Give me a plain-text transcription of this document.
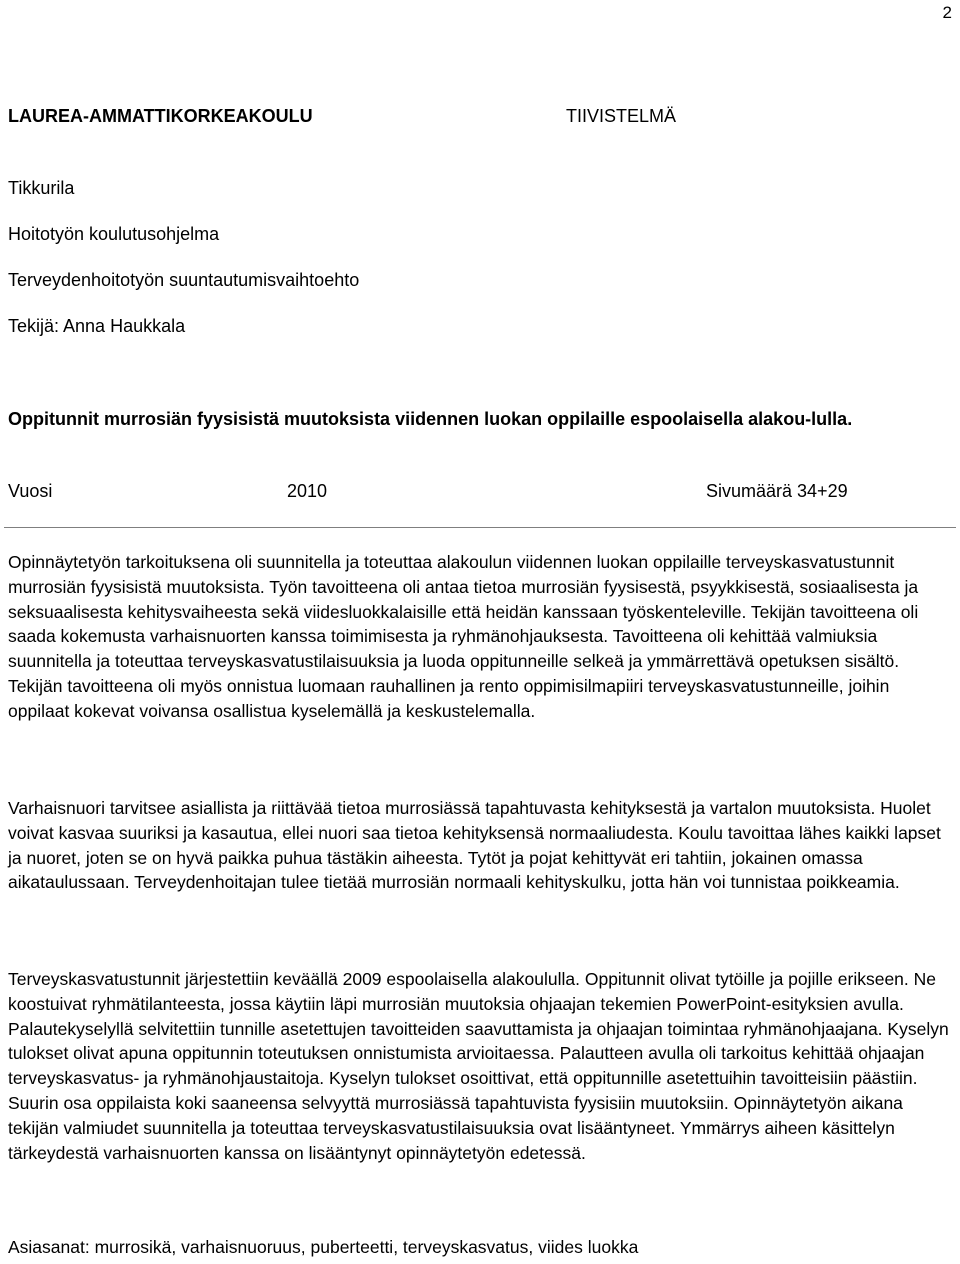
2
LAUREA-AMMATTIKORKEAKOULU	TIIVISTELMÄ
Tikkurila
Hoitotyön koulutusohjelma
Terveydenhoitotyön suuntautumisvaihtoehto
Tekijä: Anna Haukkala
Oppitunnit murrosiän fyysisistä muutoksista viidennen luokan oppilaille espoolaisella alakou-lulla.
Vuosi	2010	Sivumäärä 34+29

Opinnäytetyön tarkoituksena oli suunnitella ja toteuttaa alakoulun viidennen luokan oppilaille terveyskasvatustunnit murrosiän fyysisistä muutoksista. Työn tavoitteena oli antaa tietoa murrosiän fyysisestä, psyykkisestä, sosiaalisesta ja seksuaalisesta kehitysvaiheesta sekä viidesluokkalaisille että heidän kanssaan työskenteleville. Tekijän tavoitteena oli saada kokemusta varhaisnuorten kanssa toimimisesta ja ryhmänohjauksesta. Tavoitteena oli kehittää valmiuksia suunnitella ja toteuttaa terveyskasvatustilaisuuksia ja luoda oppitunneille selkeä ja ymmärrettävä opetuksen sisältö. Tekijän tavoitteena oli myös onnistua luomaan rauhallinen ja rento oppimisilmapiiri terveyskasvatustunneille, joihin oppilaat kokevat voivansa osallistua kyselemällä ja keskustelemalla.

Varhaisnuori tarvitsee asiallista ja riittävää tietoa murrosiässä tapahtuvasta kehityksestä ja vartalon muutoksista. Huolet voivat kasvaa suuriksi ja kasautua, ellei nuori saa tietoa kehityksensä normaaliudesta. Koulu tavoittaa lähes kaikki lapset ja nuoret, joten se on hyvä paikka puhua tästäkin aiheesta. Tytöt ja pojat kehittyvät eri tahtiin, jokainen omassa aikataulussaan. Terveydenhoitajan tulee tietää murrosiän normaali kehityskulku, jotta hän voi tunnistaa poikkeamia.

Terveyskasvatustunnit järjestettiin keväällä 2009 espoolaisella alakoululla. Oppitunnit olivat tytöille ja pojille erikseen. Ne koostuivat ryhmätilanteesta, jossa käytiin läpi murrosiän muutoksia ohjaajan tekemien PowerPoint-esityksien avulla. Palautekyselyllä selvitettiin tunnille asetettujen tavoitteiden saavuttamista ja ohjaajan toimintaa ryhmänohjaajana. Kyselyn tulokset olivat apuna oppitunnin toteutuksen onnistumista arvioitaessa. Palautteen avulla oli tarkoitus kehittää ohjaajan terveyskasvatus- ja ryhmänohjaustaitoja. Kyselyn tulokset osoittivat, että oppitunnille asetettuihin tavoitteisiin päästiin. Suurin osa oppilaista koki saaneensa selvyyttä murrosiässä tapahtuvista fyysisiin muutoksiin. Opinnäytetyön aikana tekijän valmiudet suunnitella ja toteuttaa terveyskasvatustilaisuuksia ovat lisääntyneet. Ymmärrys aiheen käsittelyn tärkeydestä varhaisnuorten kanssa on lisääntynyt opinnäytetyön edetessä.

Asiasanat: murrosikä, varhaisnuoruus, puberteetti, terveyskasvatus, viides luokka
